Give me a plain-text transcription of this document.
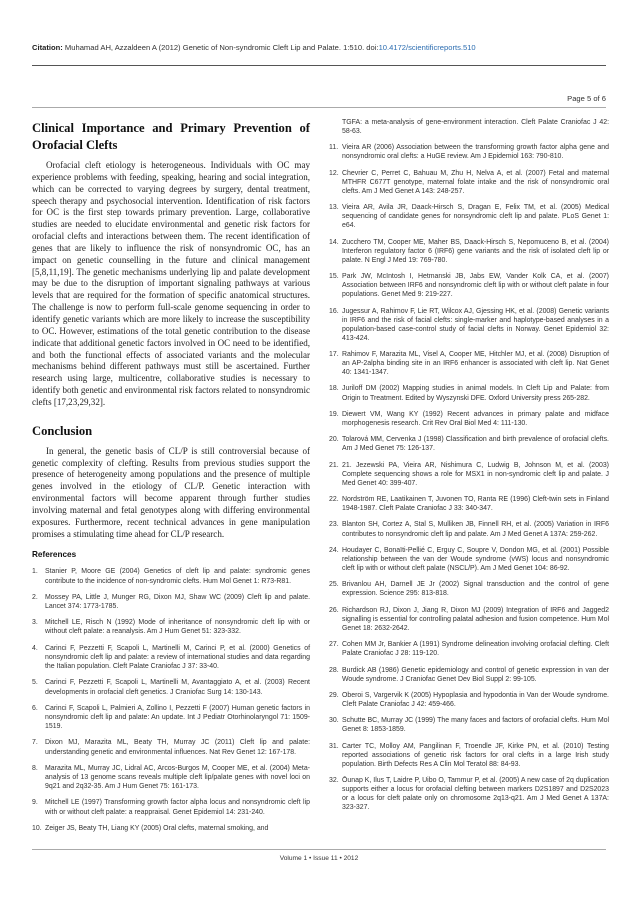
Citation: Muhamad AH, Azzaldeen A (2012) Genetic of Non-syndromic Cleft Lip and Palate. 1:510. doi:10.4172/scientificreports.510
Page 5 of 6
Clinical Importance and Primary Prevention of Orofacial Clefts

Orofacial cleft etiology is heterogeneous. Individuals with OC may experience problems with feeding, speaking, hearing and social integration, which can be corrected to varying degrees by surgery, dental treatment, speech therapy and psychosocial intervention. Identification of risk factors for OC is the first step towards primary prevention. Large, collaborative studies are needed to elucidate environmental and genetic risk factors for orofacial clefts and interactions between them. The recent identification of genes that are likely to influence the risk of nonsyndromic OC, has an impact on genetic counselling in the future and clinical management [5,8,11,19]. The genetic mechanisms underlying lip and palate development may be due to the disruption of important signaling pathways at various levels that are required for the formation of specific anatomical structures. The challenge is now to perform full-scale genome sequencing in order to identify genetic variants which are more likely to increase the susceptibility to OC. However, estimations of the total genetic contribution to the disease indicate that additional genetic factors involved in OC need to be identified, and both the functional effects of associated variants and the molecular mechanisms behind different pathways must still be ascertained. Further research using large, multicentre, collaborative studies is necessary to identify both genetic and environmental risk factors related to nonsyndromic clefts [17,23,29,32].

Conclusion

In general, the genetic basis of CL/P is still controversial because of genetic complexity of clefting. Results from previous studies support the presence of heterogeneity among populations and the presence of multiple genes involved in the etiology of CL/P. Genetic interaction with environmental factors will become apparent through further studies involving maternal and fetal genotypes along with differing environmental exposures. Furthermore, recent technical advances in gene manipulation promises a stimulating time ahead for CL/P research.

References
1.	Stanier P, Moore GE (2004) Genetics of cleft lip and palate: syndromic genes contribute to the incidence of non-syndromic clefts. Hum Mol Genet 1: R73-R81.
2.	Mossey PA, Little J, Munger RG, Dixon MJ, Shaw WC (2009) Cleft lip and palate. Lancet 374: 1773-1785.
3.	Mitchell LE, Risch N (1992) Mode of inheritance of nonsyndromic cleft lip with or without cleft palate: a reanalysis. Am J Hum Genet 51: 323-332.
4.	Carinci F, Pezzetti F, Scapoli L, Martinelli M, Carinci P, et al. (2000) Genetics of nonsyndromic cleft lip and palate: a review of international studies and data regarding the Italian population. Cleft Palate Craniofac J 37: 33-40.
5.	Carinci F, Pezzetti F, Scapoli L, Martinelli M, Avantaggiato A, et al. (2003) Recent developments in orofacial cleft genetics. J Craniofac Surg 14: 130-143.
6.	Carinci F, Scapoli L, Palmieri A, Zollino I, Pezzetti F (2007) Human genetic factors in nonsyndromic cleft lip and palate: An update. Int J Pediatr Otorhinolaryngol 71: 1509-1519.
7.	Dixon MJ, Marazita ML, Beaty TH, Murray JC (2011) Cleft lip and palate: understanding genetic and environmental influences. Nat Rev Genet 12: 167-178.
8.	Marazita ML, Murray JC, Lidral AC, Arcos-Burgos M, Cooper ME, et al. (2004) Meta-analysis of 13 genome scans reveals multiple cleft lip/palate genes with novel loci on 9q21 and 2q32-35. Am J Hum Genet 75: 161-173.
9.	Mitchell LE (1997) Transforming growth factor alpha locus and nonsyndromic cleft lip with or without cleft palate: a reappraisal. Genet Epidemiol 14: 231-240.
10. Zeiger JS, Beaty TH, Liang KY (2005) Oral clefts, maternal smoking, and
TGFA: a meta-analysis of gene-environment interaction. Cleft Palate Craniofac J 42: 58-63.
11. Vieira AR (2006) Association between the transforming growth factor alpha gene and nonsyndromic oral clefts: a HuGE review. Am J Epidemiol 163: 790-810.
12. Chevrier C, Perret C, Bahuau M, Zhu H, Nelva A, et al. (2007) Fetal and maternal MTHFR C677T genotype, maternal folate intake and the risk of nonsyndromic oral clefts. Am J Med Genet A 143: 248-257.
13. Vieira AR, Avila JR, Daack-Hirsch S, Dragan E, Felix TM, et al. (2005) Medical sequencing of candidate genes for nonsyndromic cleft lip and palate. PLoS Genet 1: e64.
14. Zucchero TM, Cooper ME, Maher BS, Daack-Hirsch S, Nepomuceno B, et al. (2004) Interferon regulatory factor 6 (IRF6) gene variants and the risk of isolated cleft lip or palate. N Engl J Med 19: 769-780.
15. Park JW, McIntosh I, Hetmanski JB, Jabs EW, Vander Kolk CA, et al. (2007) Association between IRF6 and nonsyndromic cleft lip with or without cleft palate in four populations. Genet Med 9: 219-227.
16. Jugessur A, Rahimov F, Lie RT, Wilcox AJ, Gjessing HK, et al. (2008) Genetic variants in IRF6 and the risk of facial clefts: single-marker and haplotype-based analyses in a population-based case-control study of facial clefts in Norway. Genet Epidemiol 32: 413-424.
17. Rahimov F, Marazita ML, Visel A, Cooper ME, Hitchler MJ, et al. (2008) Disruption of an AP-2alpha binding site in an IRF6 enhancer is associated with cleft lip. Nat Genet 40: 1341-1347.
18. Juriloff DM (2002) Mapping studies in animal models. In Cleft Lip and Palate: from Origin to Treatment. Edited by Wyszynski DFE. Oxford University press 265-282.
19. Diewert VM, Wang KY (1992) Recent advances in primary palate and midface morphogenesis research. Crit Rev Oral Biol Med 4: 111-130.
20. Tolarová MM, Cervenka J (1998) Classification and birth prevalence of orofacial clefts. Am J Med Genet 75: 126-137.
21. 21. Jezewski PA, Vieira AR, Nishimura C, Ludwig B, Johnson M, et al. (2003) Complete sequencing shows a role for MSX1 in non-syndromic cleft lip and palate. J Med Genet 40: 399-407.
22. Nordström RE, Laatikainen T, Juvonen TO, Ranta RE (1996) Cleft-twin sets in Finland 1948-1987. Cleft Palate Craniofac J 33: 340-347.
23. Blanton SH, Cortez A, Stal S, Mulliken JB, Finnell RH, et al. (2005) Variation in IRF6 contributes to nonsyndromic cleft lip and palate. Am J Med Genet A 137A: 259-262.
24. Houdayer C, Bonaïti-Pellié C, Erguy C, Soupre V, Dondon MG, et al. (2001) Possible relationship between the van der Woude syndrome (vWS) locus and nonsyndromic cleft lip with or without cleft palate (NSCL/P). Am J Med Genet 104: 86-92.
25. Brivanlou AH, Darnell JE Jr (2002) Signal transduction and the control of gene expression. Science 295: 813-818.
26. Richardson RJ, Dixon J, Jiang R, Dixon MJ (2009) Integration of IRF6 and Jagged2 signalling is essential for controlling palatal adhesion and fusion competence. Hum Mol Genet 18: 2632-2642.
27. Cohen MM Jr, Bankier A (1991) Syndrome delineation involving orofacial clefting. Cleft Palate Craniofac J 28: 119-120.
28. Burdick AB (1986) Genetic epidemiology and control of genetic expression in van der Woude syndrome. J Craniofac Genet Dev Biol Suppl 2: 99-105.
29. Oberoi S, Vargervik K (2005) Hypoplasia and hypodontia in Van der Woude syndrome. Cleft Palate Craniofac J 42: 459-466.
30. Schutte BC, Murray JC (1999) The many faces and factors of orofacial clefts. Hum Mol Genet 8: 1853-1859.
31. Carter TC, Molloy AM, Pangilinan F, Troendle JF, Kirke PN, et al. (2010) Testing reported associations of genetic risk factors for oral clefts in a large Irish study population. Birth Defects Res A Clin Mol Teratol 88: 84-93.
32. Ōunap K, Ilus T, Laidre P, Uibo O, Tammur P, et al. (2005) A new case of 2q duplication supports either a locus for orofacial clefting between markers D2S1897 and D2S2023 or a locus for cleft palate only on chromosome 2q13-q21. Am J Med Genet A 137A: 323-327.
Volume 1 • Issue 11 • 2012
